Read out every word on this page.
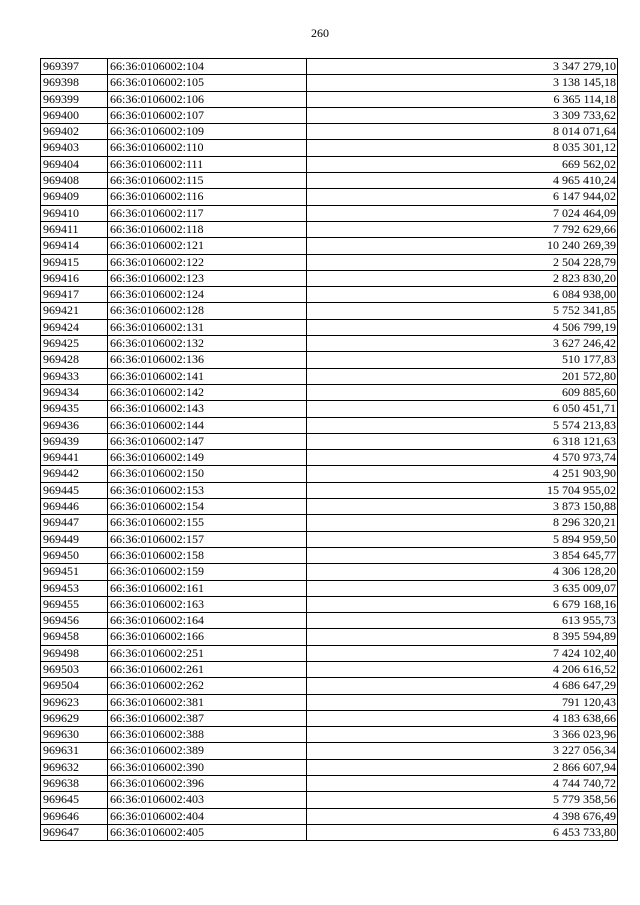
260
969397	66:36:0106002:104	3 347 279,10
969398	66:36:0106002:105	3 138 145,18
969399	66:36:0106002:106	6 365 114,18
969400	66:36:0106002:107	3 309 733,62
969402	66:36:0106002:109	8 014 071,64
969403	66:36:0106002:110	8 035 301,12
969404	66:36:0106002:111	669 562,02
969408	66:36:0106002:115	4 965 410,24
969409	66:36:0106002:116	6 147 944,02
969410	66:36:0106002:117	7 024 464,09
969411	66:36:0106002:118	7 792 629,66
969414	66:36:0106002:121	10 240 269,39
969415	66:36:0106002:122	2 504 228,79
969416	66:36:0106002:123	2 823 830,20
969417	66:36:0106002:124	6 084 938,00
969421	66:36:0106002:128	5 752 341,85
969424	66:36:0106002:131	4 506 799,19
969425	66:36:0106002:132	3 627 246,42
969428	66:36:0106002:136	510 177,83
969433	66:36:0106002:141	201 572,80
969434	66:36:0106002:142	609 885,60
969435	66:36:0106002:143	6 050 451,71
969436	66:36:0106002:144	5 574 213,83
969439	66:36:0106002:147	6 318 121,63
969441	66:36:0106002:149	4 570 973,74
969442	66:36:0106002:150	4 251 903,90
969445	66:36:0106002:153	15 704 955,02
969446	66:36:0106002:154	3 873 150,88
969447	66:36:0106002:155	8 296 320,21
969449	66:36:0106002:157	5 894 959,50
969450	66:36:0106002:158	3 854 645,77
969451	66:36:0106002:159	4 306 128,20
969453	66:36:0106002:161	3 635 009,07
969455	66:36:0106002:163	6 679 168,16
969456	66:36:0106002:164	613 955,73
969458	66:36:0106002:166	8 395 594,89
969498	66:36:0106002:251	7 424 102,40
969503	66:36:0106002:261	4 206 616,52
969504	66:36:0106002:262	4 686 647,29
969623	66:36:0106002:381	791 120,43
969629	66:36:0106002:387	4 183 638,66
969630	66:36:0106002:388	3 366 023,96
969631	66:36:0106002:389	3 227 056,34
969632	66:36:0106002:390	2 866 607,94
969638	66:36:0106002:396	4 744 740,72
969645	66:36:0106002:403	5 779 358,56
969646	66:36:0106002:404	4 398 676,49
969647	66:36:0106002:405	6 453 733,80
